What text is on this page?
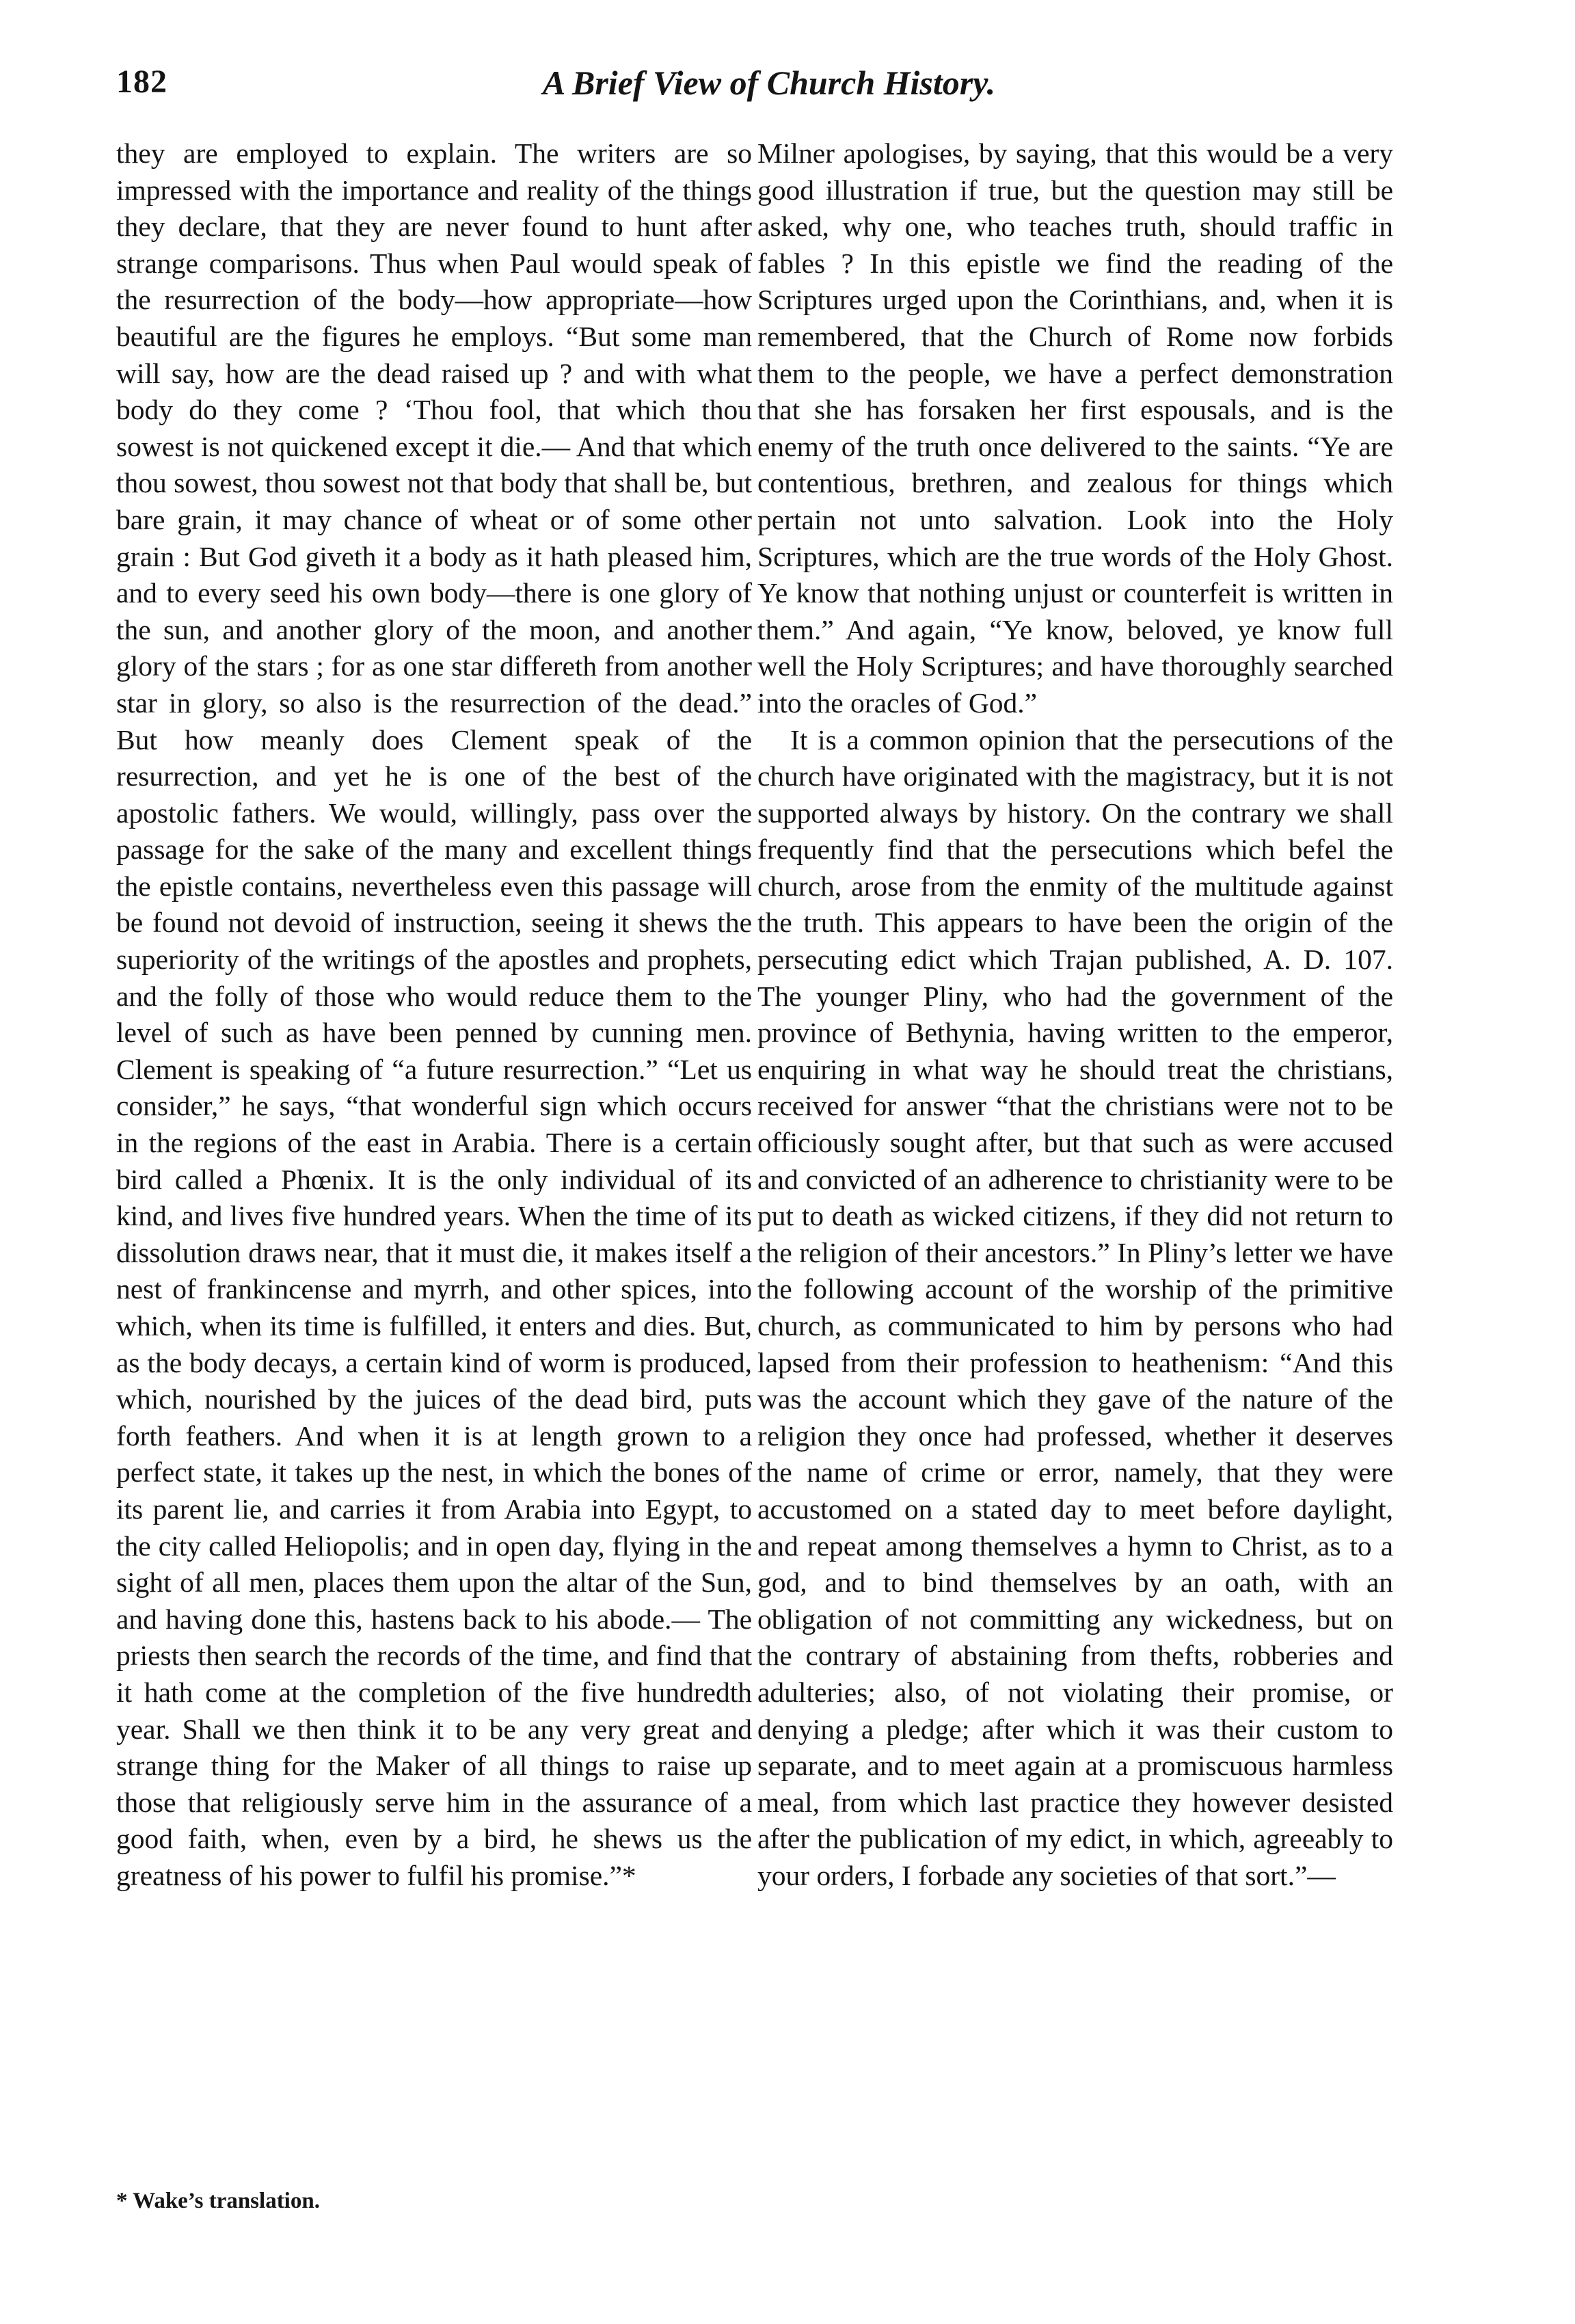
182	A Brief View of Church History.

they are employed to explain. The writers are so impressed with the importance and reality of the things they declare, that they are never found to hunt after strange comparisons. Thus when Paul would speak of the resurrection of the body—how appropriate—how beautiful are the figures he employs. “But some man will say, how are the dead raised up ? and with what body do they come ? ‘Thou fool, that which thou sowest is not quickened except it die.— And that which thou sowest, thou sowest not that body that shall be, but bare grain, it may chance of wheat or of some other grain : But God giveth it a body as it hath pleased him, and to every seed his own body—there is one glory of the sun, and another glory of the moon, and another glory of the stars ; for as one star differeth from another star in glory, so also is the resurrection of the dead.” But how meanly does Clement speak of the resurrection, and yet he is one of the best of the apostolic fathers. We would, willingly, pass over the passage for the sake of the many and excellent things the epistle contains, nevertheless even this passage will be found not devoid of instruction, seeing it shews the superiority of the writings of the apostles and prophets, and the folly of those who would reduce them to the level of such as have been penned by cunning men. Clement is speaking of “a future resurrection.” “Let us consider,” he says, “that wonderful sign which occurs in the regions of the east in Arabia. There is a certain bird called a Phœnix. It is the only individual of its kind, and lives five hundred years. When the time of its dissolution draws near, that it must die, it makes itself a nest of frankincense and myrrh, and other spices, into which, when its time is fulfilled, it enters and dies. But, as the body decays, a certain kind of worm is produced, which, nourished by the juices of the dead bird, puts forth feathers. And when it is at length grown to a perfect state, it takes up the nest, in which the bones of its parent lie, and carries it from Arabia into Egypt, to the city called Heliopolis; and in open day, flying in the sight of all men, places them upon the altar of the Sun, and having done this, hastens back to his abode.— The priests then search the records of the time, and find that it hath come at the completion of the five hundredth year. Shall we then think it to be any very great and strange thing for the Maker of all things to raise up those that religiously serve him in the assurance of a good faith, when, even by a bird, he shews us the greatness of his power to fulfil his promise.”*

Milner apologises, by saying, that this would be a very good illustration if true, but the question may still be asked, why one, who teaches truth, should traffic in fables ? In this epistle we find the reading of the Scriptures urged upon the Corinthians, and, when it is remembered, that the Church of Rome now forbids them to the people, we have a perfect demonstration that she has forsaken her first espousals, and is the enemy of the truth once delivered to the saints. “Ye are contentious, brethren, and zealous for things which pertain not unto salvation. Look into the Holy Scriptures, which are the true words of the Holy Ghost. Ye know that nothing unjust or counterfeit is written in them.” And again, “Ye know, beloved, ye know full well the Holy Scriptures; and have thoroughly searched into the oracles of God.”

It is a common opinion that the persecutions of the church have originated with the magistracy, but it is not supported always by history. On the contrary we shall frequently find that the persecutions which befel the church, arose from the enmity of the multitude against the truth. This appears to have been the origin of the persecuting edict which Trajan published, A. D. 107. The younger Pliny, who had the government of the province of Bethynia, having written to the emperor, enquiring in what way he should treat the christians, received for answer “that the christians were not to be officiously sought after, but that such as were accused and convicted of an adherence to christianity were to be put to death as wicked citizens, if they did not return to the religion of their ancestors.” In Pliny’s letter we have the following account of the worship of the primitive church, as communicated to him by persons who had lapsed from their profession to heathenism: “And this was the account which they gave of the nature of the religion they once had professed, whether it deserves the name of crime or error, namely, that they were accustomed on a stated day to meet before daylight, and repeat among themselves a hymn to Christ, as to a god, and to bind themselves by an oath, with an obligation of not committing any wickedness, but on the contrary of abstaining from thefts, robberies and adulteries; also, of not violating their promise, or denying a pledge; after which it was their custom to separate, and to meet again at a promiscuous harmless meal, from which last practice they however desisted after the publication of my edict, in which, agreeably to your orders, I forbade any societies of that sort.”—

* Wake’s translation.
